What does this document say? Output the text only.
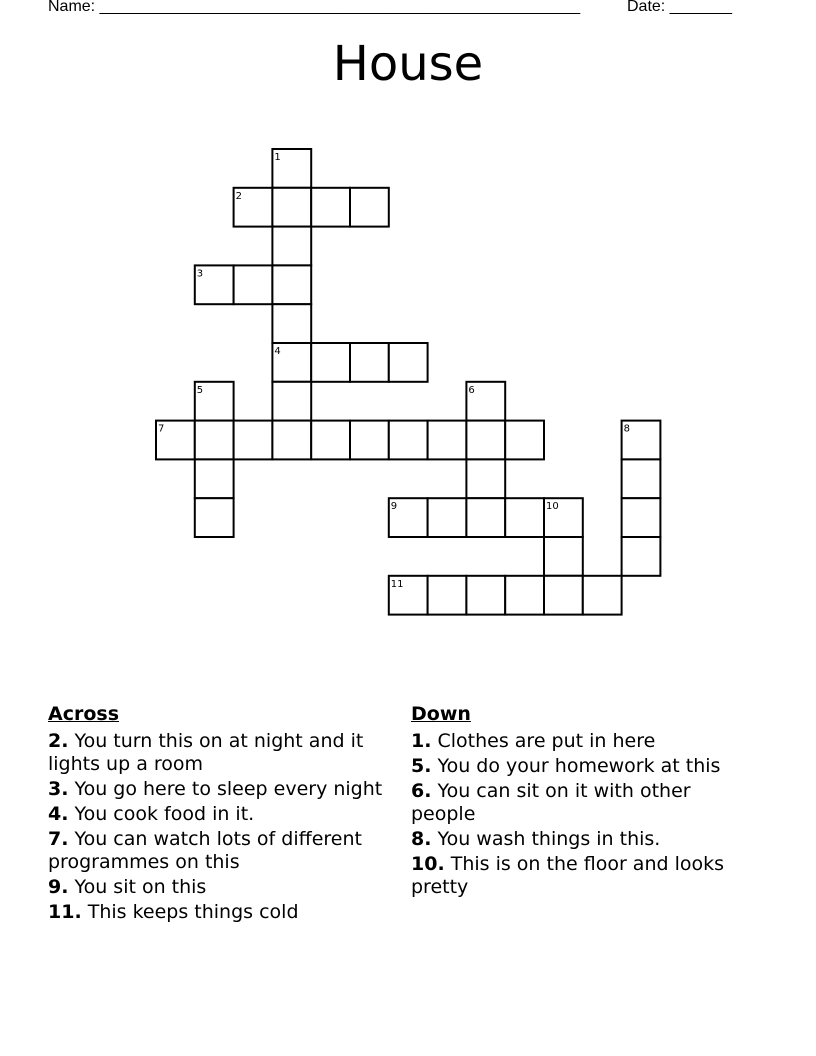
Name: ______________________________________________________	Date: _______
House
1
2
3
4
5	6
7	8
9	10
11
Across
2. You turn this on at night and it lights up a room
3. You go here to sleep every night
4. You cook food in it.
7. You can watch lots of different programmes on this
9. You sit on this
11. This keeps things cold
Down
1. Clothes are put in here
5. You do your homework at this
6. You can sit on it with other people
8. You wash things in this.
10. This is on the floor and looks pretty
